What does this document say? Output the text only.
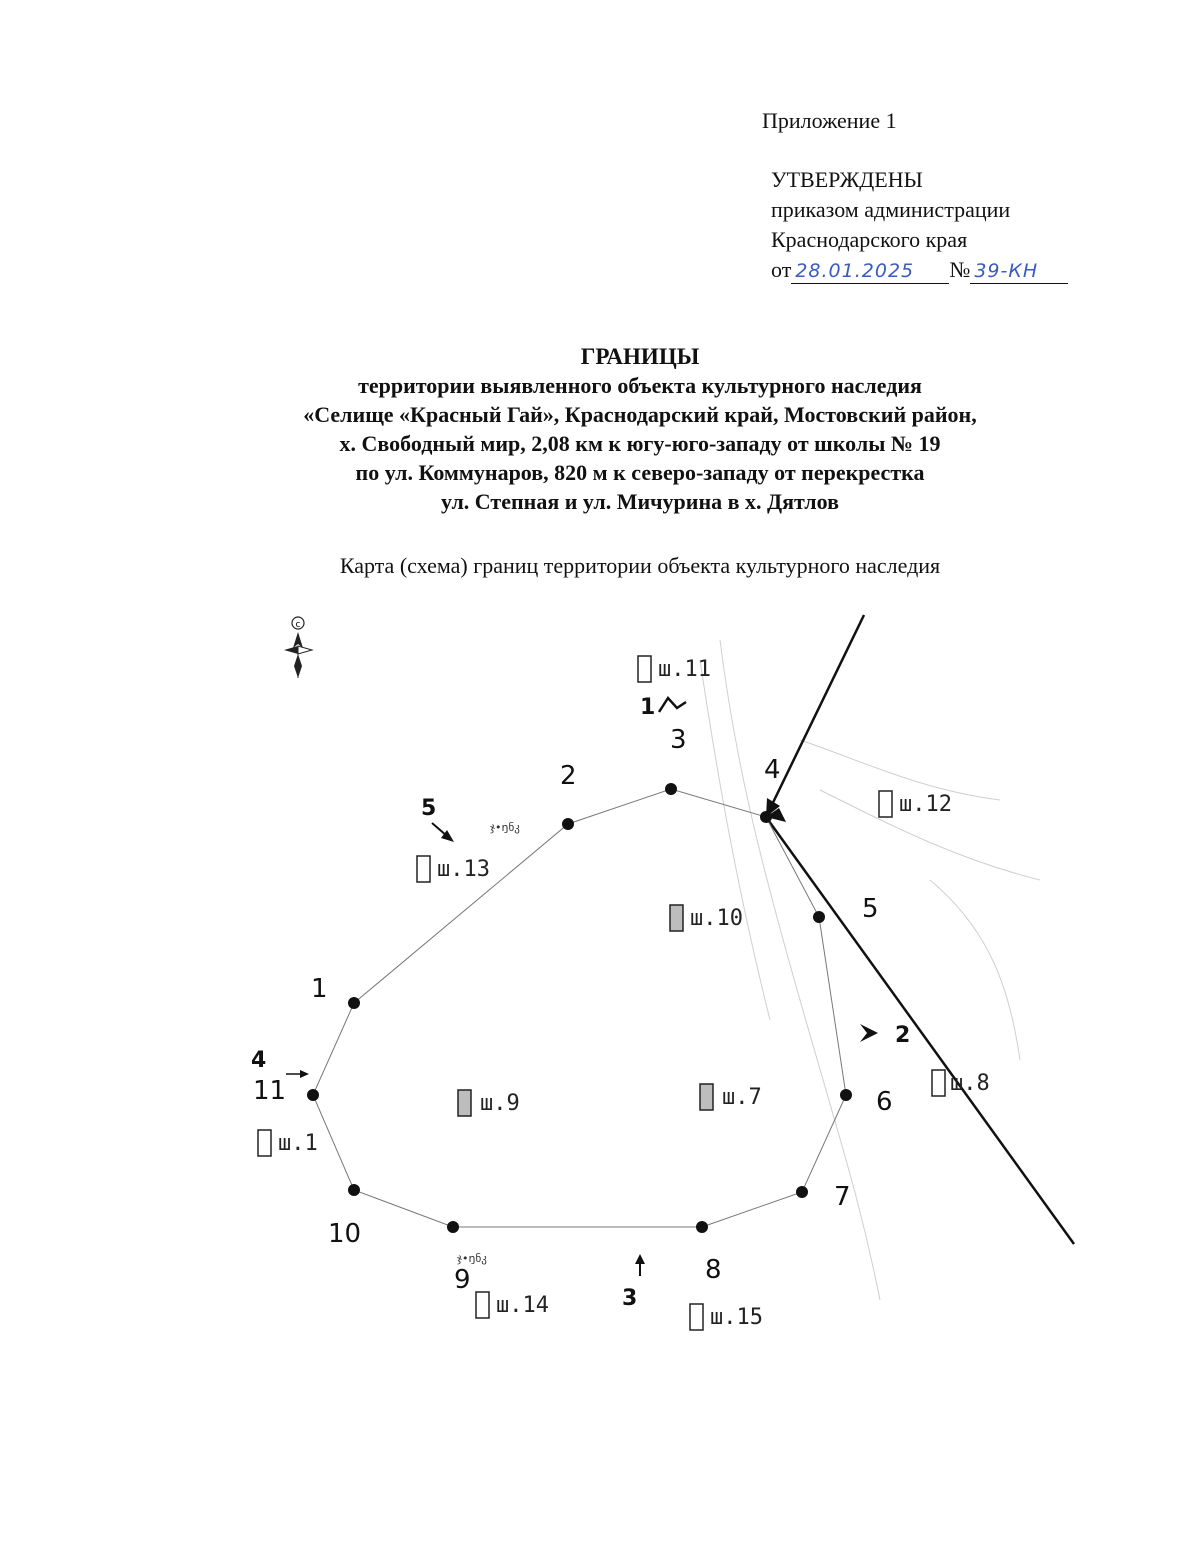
Приложение 1
УТВЕРЖДЕНЫ
приказом администрации
Краснодарского края
от 28.01.2025 № 39-КН
ГРАНИЦЫ
территории выявленного объекта культурного наследия
«Селище «Красный Гай», Краснодарский край, Мостовский район,
х. Свободный мир, 2,08 км к югу-юго-западу от школы № 19
по ул. Коммунаров, 820 м к северо-западу от перекрестка
ул. Степная и ул. Мичурина в х. Дятлов
Карта (схема) границ территории объекта культурного наследия
с
1
2
3
4
5
6
7
8
9
10
11
ш.11
ш.12
ш.13
ш.10
ш.9	ш.7
ш.8
ш.1
ш.14	ш.15
1
2
3
4
5
ჯ•ŋნკ
ჯ•ŋნკ
